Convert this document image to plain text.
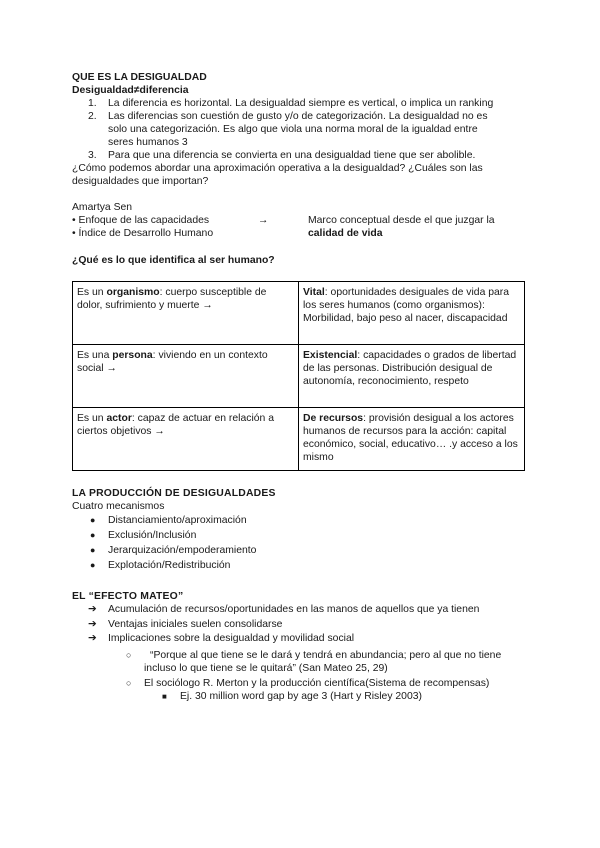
QUE ES LA DESIGUALDAD

Desigualdad≠diferencia

1. La diferencia es horizontal. La desigualdad siempre es vertical, o implica un ranking
2. Las diferencias son cuestión de gusto y/o de categorización. La desigualdad no es
solo una categorización. Es algo que viola una norma moral de la igualdad entre
seres humanos 3
3. Para que una diferencia se convierta en una desigualdad tiene que ser abolible.
¿Cómo podemos abordar una aproximación operativa a la desigualdad? ¿Cuáles son las
desigualdades que importan?
Amartya Sen
• Enfoque de las capacidades	→	Marco conceptual desde el que juzgar la
• Índice de Desarrollo Humano	calidad de vida

¿Qué es lo que identifica al ser humano?

Es un organismo: cuerpo susceptible de dolor, sufrimiento y muerte →	Vital: oportunidades desiguales de vida para los seres humanos (como organismos): Morbilidad, bajo peso al nacer, discapacidad
Es una persona: viviendo en un contexto social →	Existencial: capacidades o grados de libertad de las personas. Distribución desigual de autonomía, reconocimiento, respeto
Es un actor: capaz de actuar en relación a ciertos objetivos →	De recursos: provisión desigual a los actores humanos de recursos para la acción: capital económico, social, educativo… .y acceso a los mismo

LA PRODUCCIÓN DE DESIGUALDADES

Cuatro mecanismos
● Distanciamiento/aproximación
● Exclusión/Inclusión
● Jerarquización/empoderamiento
● Explotación/Redistribución

EL “EFECTO MATEO”

➔ Acumulación de recursos/oportunidades en las manos de aquellos que ya tienen
➔ Ventajas iniciales suelen consolidarse
➔ Implicaciones sobre la desigualdad y movilidad social
○	“Porque al que tiene se le dará y tendrá en abundancia; pero al que no tiene
incluso lo que tiene se le quitará” (San Mateo 25, 29)
○ El sociólogo R. Merton y la producción científica(Sistema de recompensas)
■ Ej. 30 million word gap by age 3 (Hart y Risley 2003)
